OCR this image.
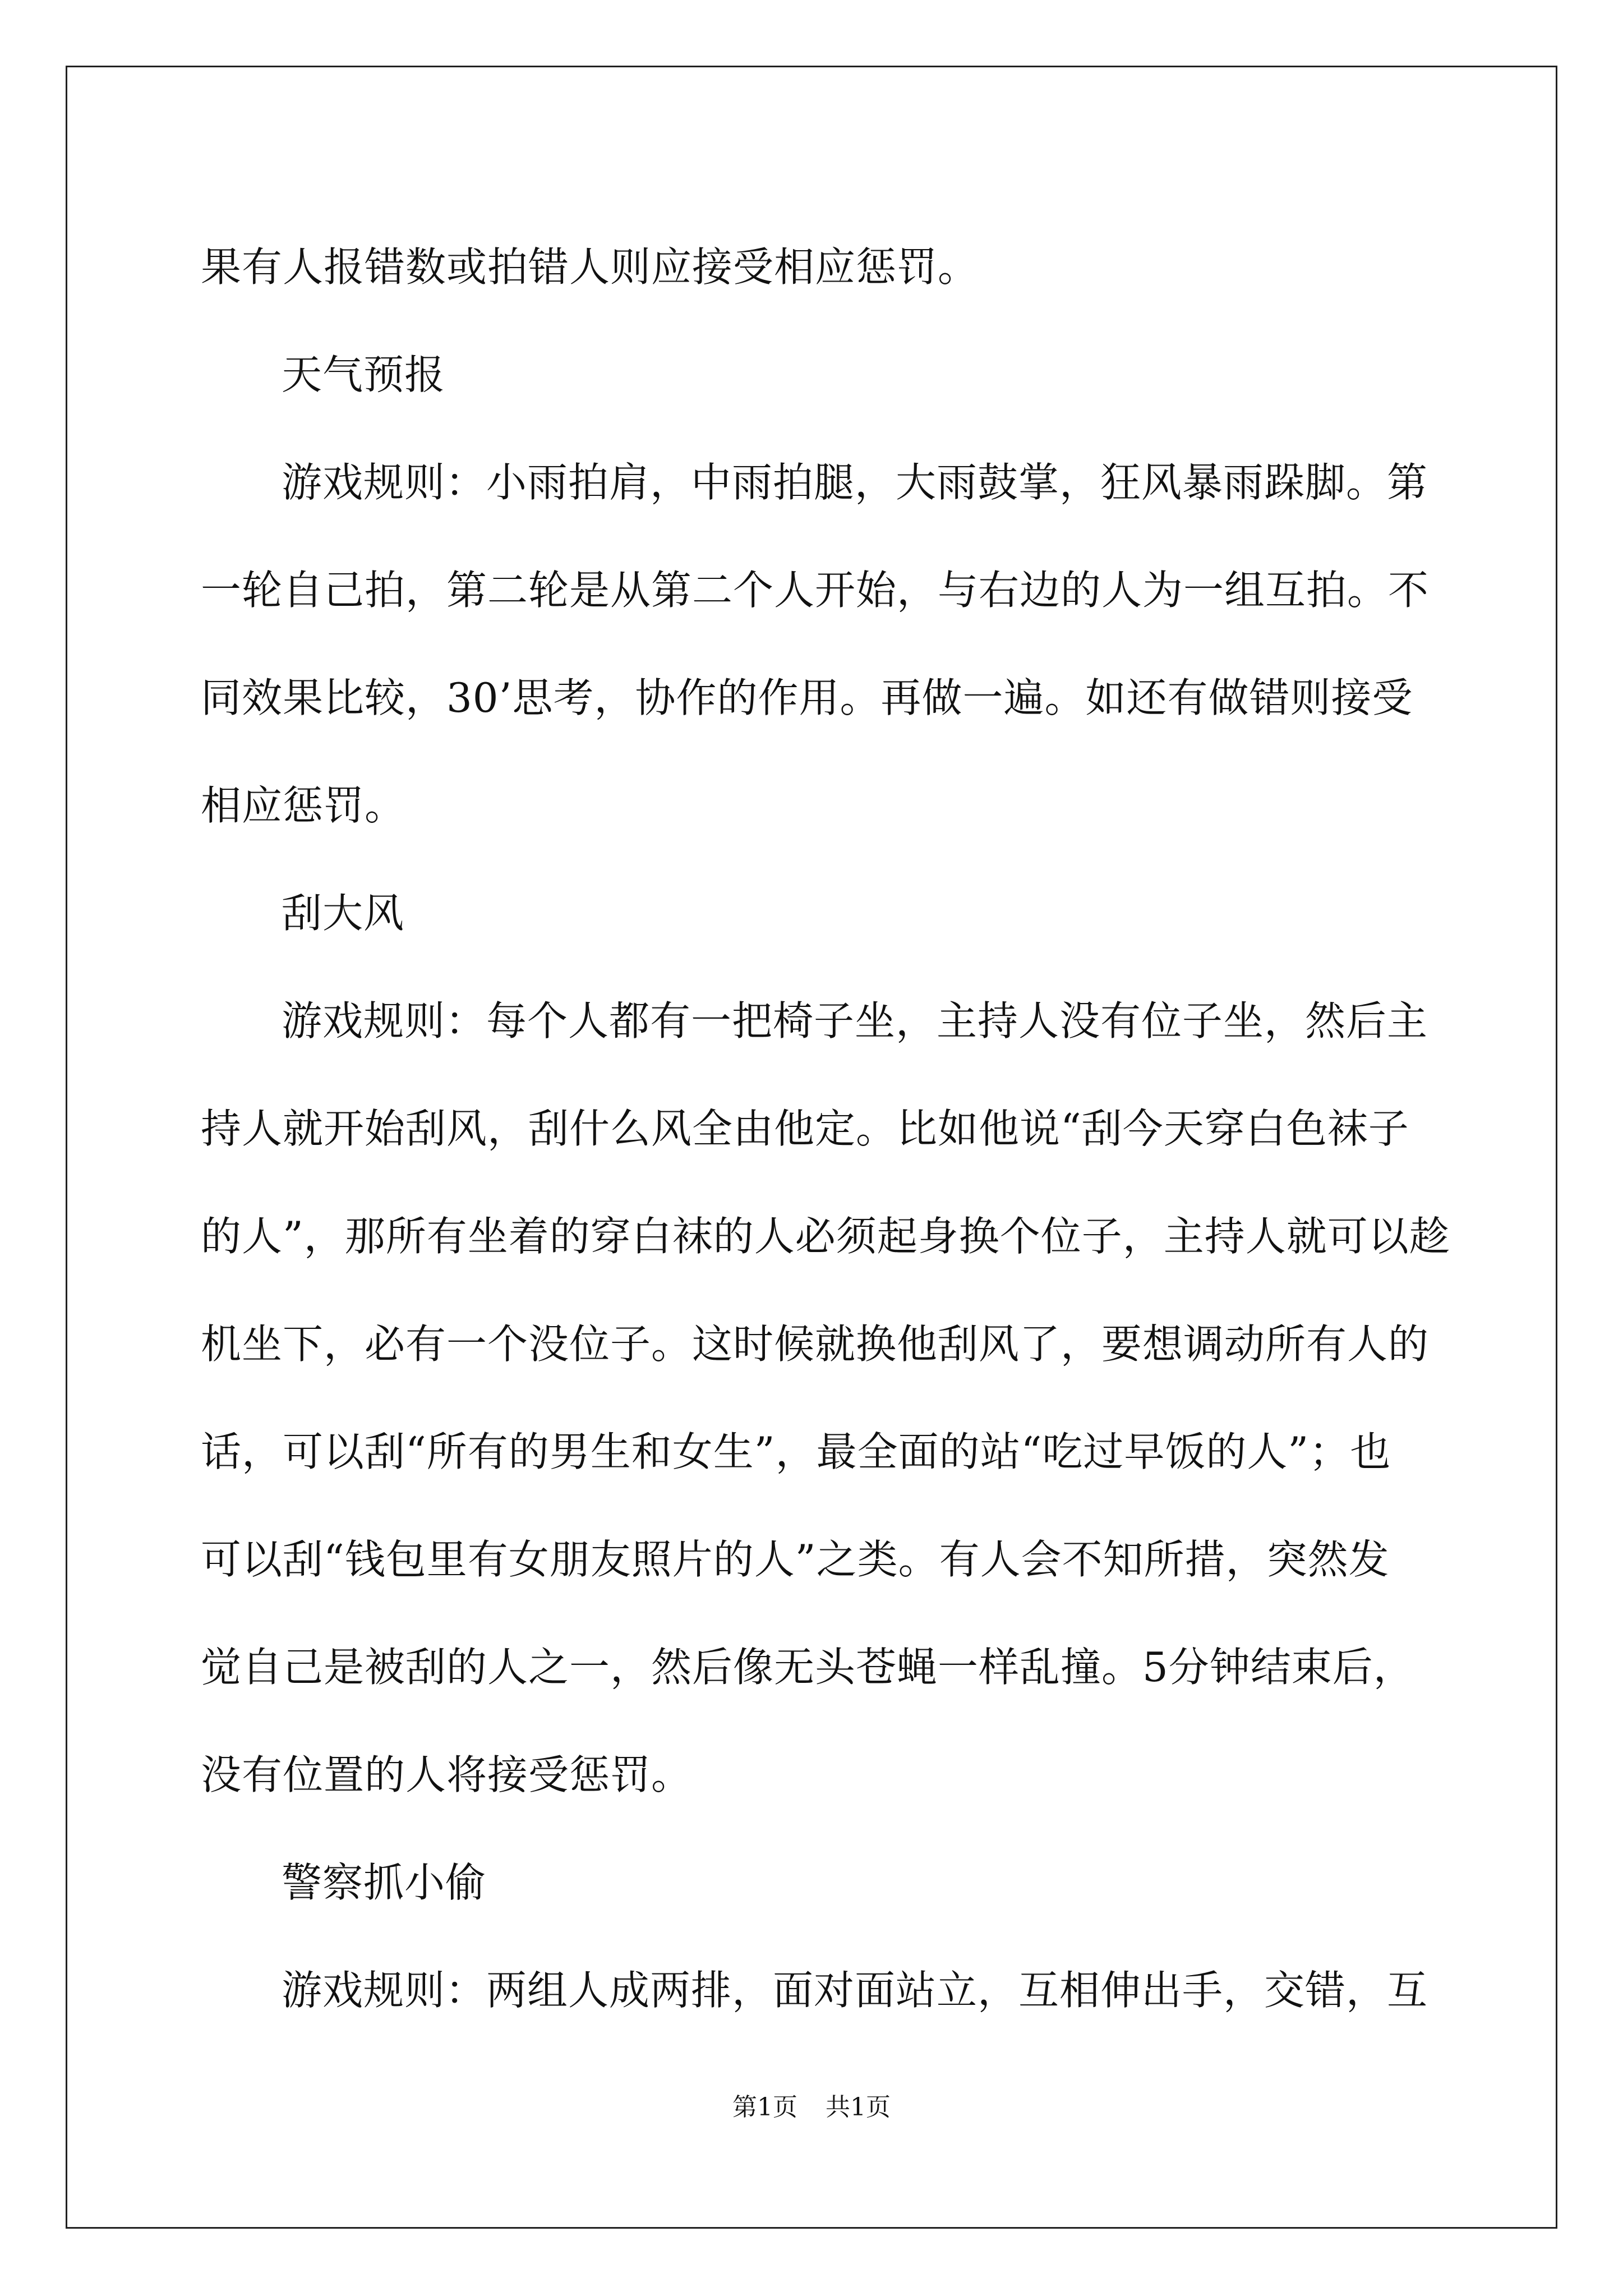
果有人报错数或拍错人则应接受相应惩罚。
天气预报
游戏规则：小雨拍肩，中雨拍腿，大雨鼓掌，狂风暴雨跺脚。第
一轮自己拍，第二轮是从第二个人开始，与右边的人为一组互拍。不
同效果比较，30’思考，协作的作用。再做一遍。如还有做错则接受
相应惩罚。
刮大风
游戏规则：每个人都有一把椅子坐，主持人没有位子坐，然后主
持人就开始刮风，刮什么风全由他定。比如他说“刮今天穿白色袜子
的人”，那所有坐着的穿白袜的人必须起身换个位子，主持人就可以趁
机坐下，必有一个没位子。这时候就换他刮风了，要想调动所有人的
话，可以刮“所有的男生和女生”，最全面的站“吃过早饭的人”；也
可以刮“钱包里有女朋友照片的人”之类。有人会不知所措，突然发
觉自己是被刮的人之一，然后像无头苍蝇一样乱撞。5分钟结束后，
没有位置的人将接受惩罚。
警察抓小偷
游戏规则：两组人成两排，面对面站立，互相伸出手，交错，互
第1页 共1页
